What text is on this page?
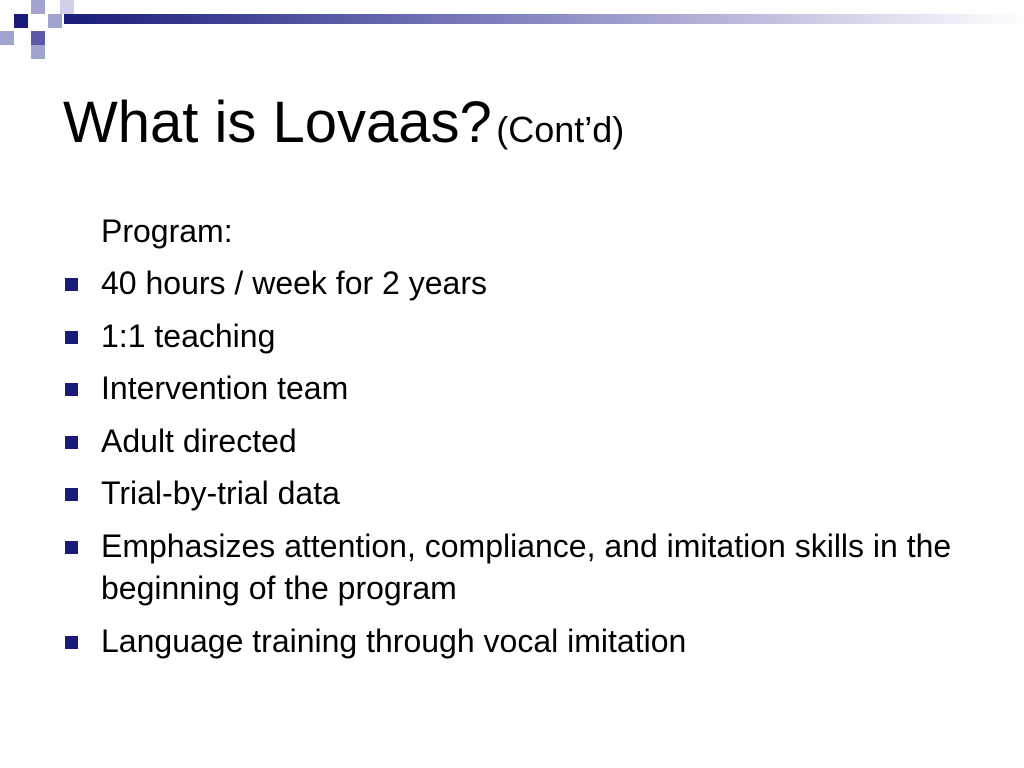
What is Lovaas? (Cont’d)
Program:
40 hours / week for 2 years
1:1 teaching
Intervention team
Adult directed
Trial-by-trial data
Emphasizes attention, compliance, and imitation skills in the beginning of the program
Language training through vocal imitation
